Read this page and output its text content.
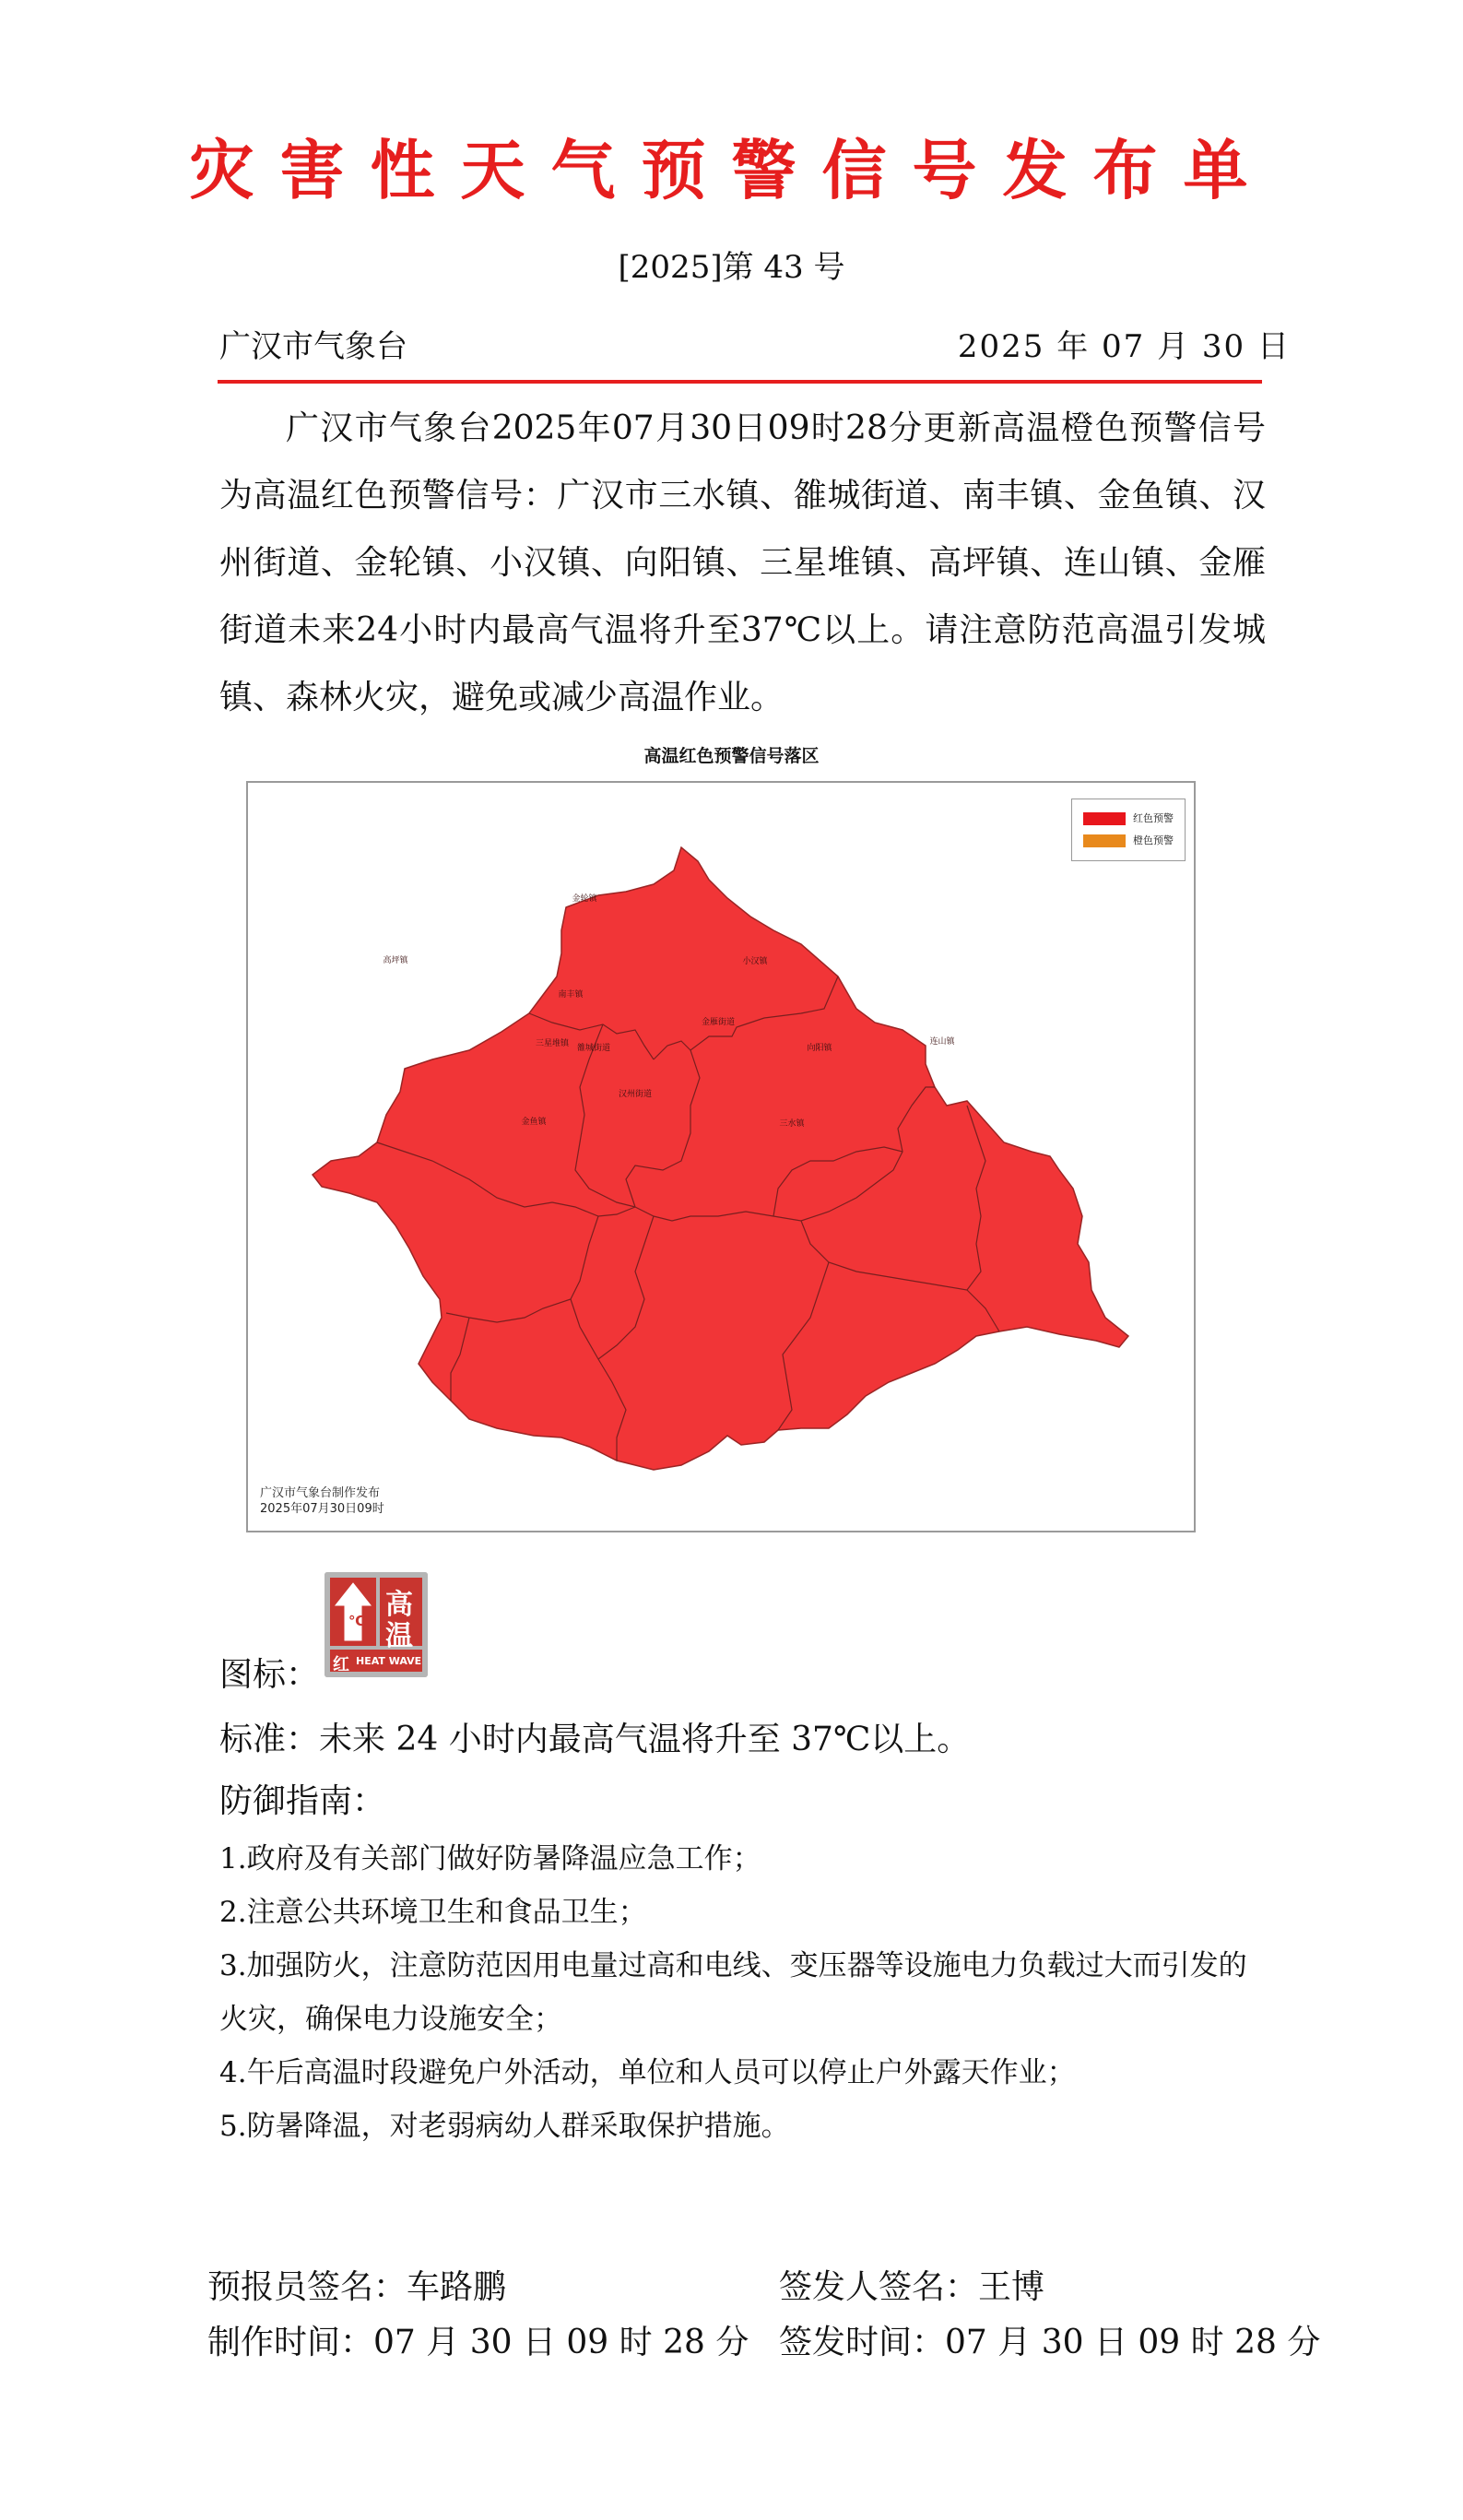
灾害性天气预警信号发布单
[2025]第 43 号
广汉市气象台	2025 年 07 月 30 日
广汉市气象台2025年07月30日09时28分更新高温橙色预警信号为高温红色预警信号：广汉市三水镇、雒城街道、南丰镇、金鱼镇、汉州街道、金轮镇、小汉镇、向阳镇、三星堆镇、高坪镇、连山镇、金雁街道未来24小时内最高气温将升至37℃以上。请注意防范高温引发城镇、森林火灾，避免或减少高温作业。
高温红色预警信号落区
金轮镇
高坪镇
南丰镇
小汉镇
金雁街道
连山镇
三星堆镇 雒城街道	向阳镇
汉州街道
金鱼镇	三水镇
红色预警
橙色预警
广汉市气象台制作发布
2025年07月30日09时
图标：
℃ 高
温
红 HEAT WAVE
标准：未来 24 小时内最高气温将升至 37℃以上。
防御指南：
1.政府及有关部门做好防暑降温应急工作；
2.注意公共环境卫生和食品卫生；
3.加强防火，注意防范因用电量过高和电线、变压器等设施电力负载过大而引发的火灾，确保电力设施安全；
4.午后高温时段避免户外活动，单位和人员可以停止户外露天作业；
5.防暑降温，对老弱病幼人群采取保护措施。
预报员签名：车路鹏	签发人签名：王博
制作时间：07 月 30 日 09 时 28 分 签发时间：07 月 30 日 09 时 28 分
